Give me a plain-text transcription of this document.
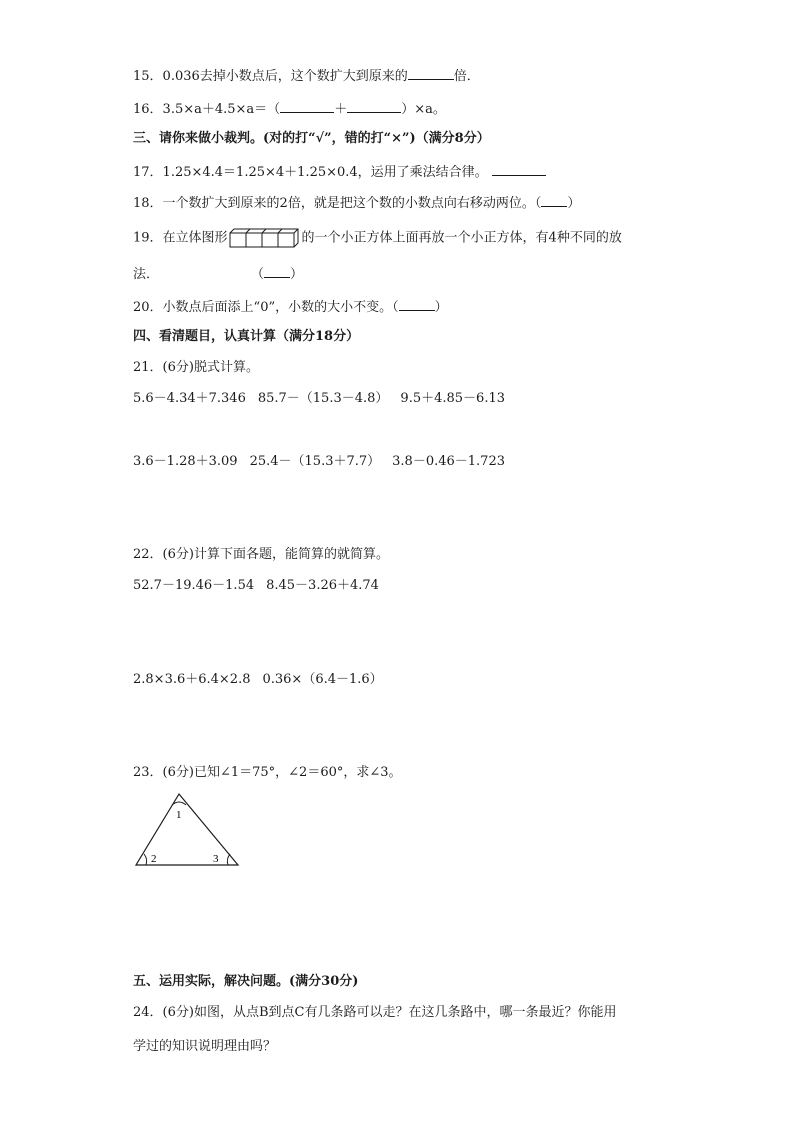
15．0.036去掉小数点后，这个数扩大到原来的	倍．
16．3.5×a＋4.5×a＝（	＋	）×a。
三、请你来做小裁判。(对的打“√”，错的打“×”)（满分8分）
17．1.25×4.4＝1.25×4＋1.25×0.4，运用了乘法结合律。
18．一个数扩大到原来的2倍，就是把这个数的小数点向右移动两位。（ ）
19．在立体图形	的一个小正方体上面再放一个小正方体，有4种不同的放
法．	（ ）
20．小数点后面添上“0”，小数的大小不变。（	）
四、看清题目，认真计算（满分18分）
21．(6分)脱式计算。
5.6－4.34＋7.346 85.7－（15.3－4.8） 9.5＋4.85－6.13
3.6－1.28＋3.09 25.4－（15.3＋7.7） 3.8－0.46－1.723
22．(6分)计算下面各题，能简算的就简算。
52.7－19.46－1.54 8.45－3.26＋4.74
2.8×3.6＋6.4×2.8 0.36×（6.4－1.6）
23．(6分)已知∠1＝75°，∠2＝60°，求∠3。
1
2	3
五、运用实际，解决问题。(满分30分)
24．(6分)如图，从点B到点C有几条路可以走？在这几条路中，哪一条最近？你能用
学过的知识说明理由吗？
